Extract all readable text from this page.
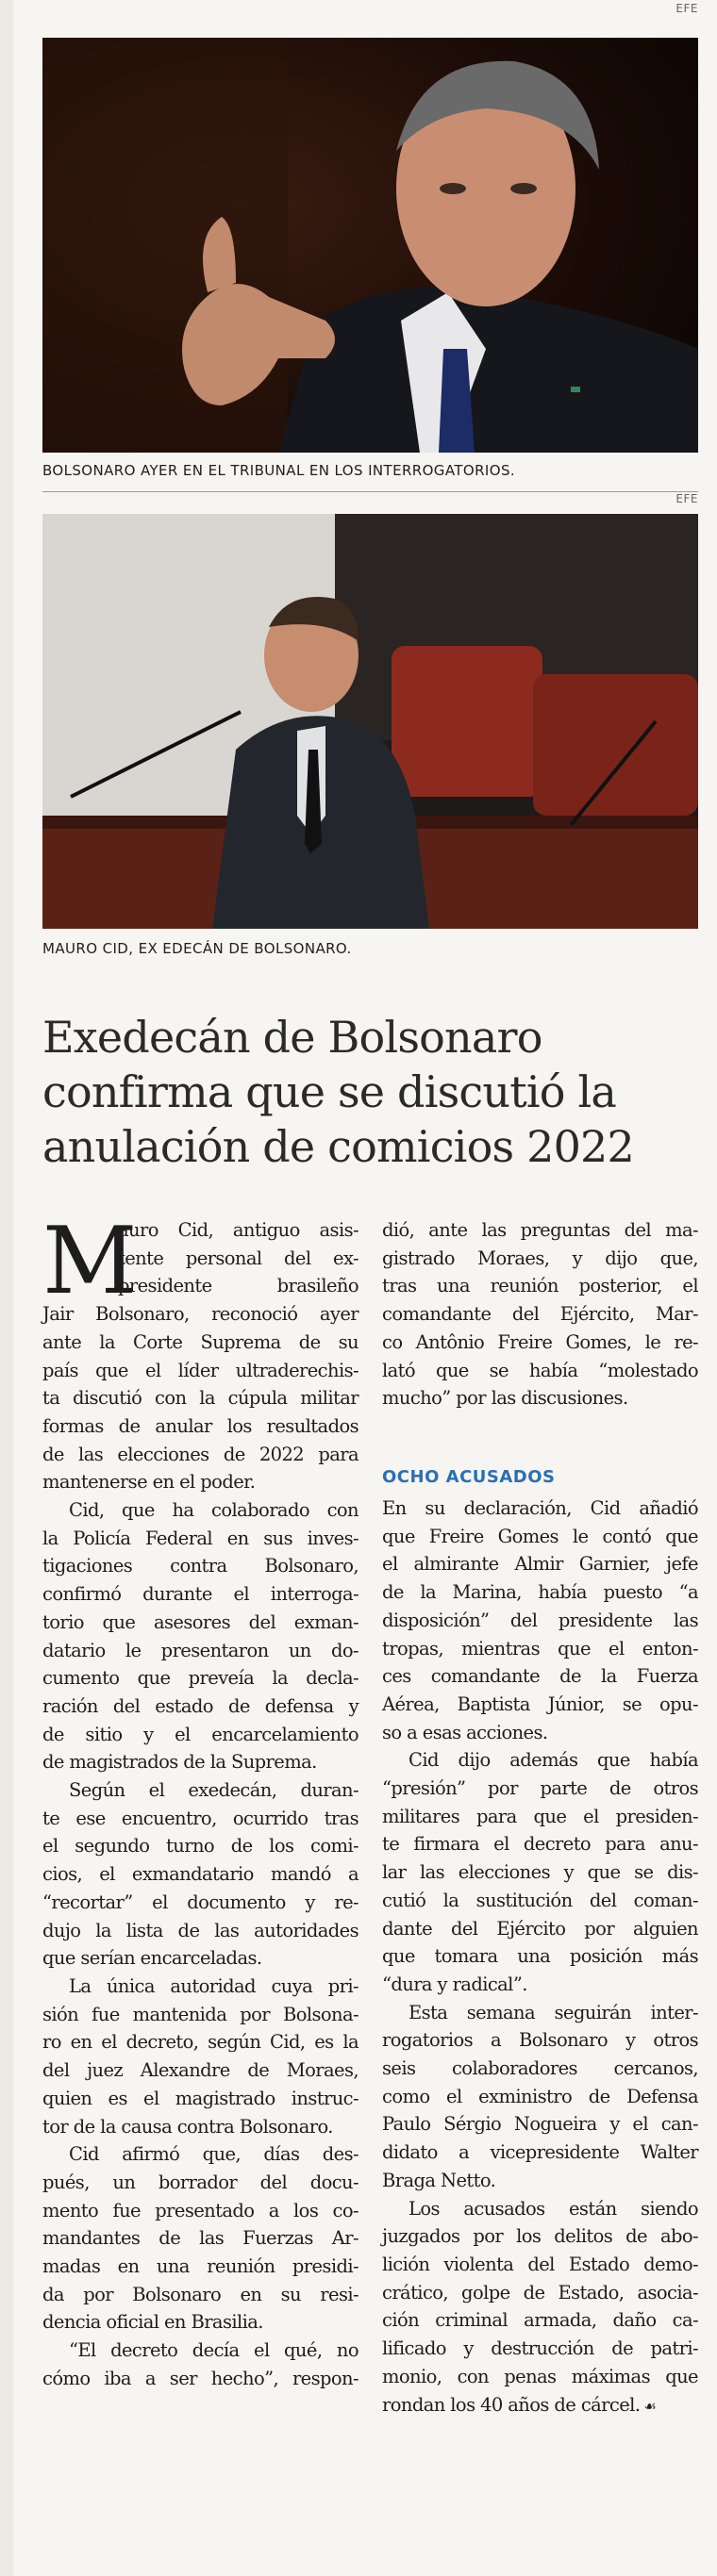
EFE
BOLSONARO AYER EN EL TRIBUNAL EN LOS INTERROGATORIOS.
EFE
MAURO CID, EX EDECÁN DE BOLSONARO.
Exedecán de Bolsonaro
confirma que se discutió la
anulación de comicios 2022
M
auro Cid, antiguo asis-
tente personal del ex-
presidente brasileño
Jair Bolsonaro, reconoció ayer
ante la Corte Suprema de su
país que el líder ultraderechis-
ta discutió con la cúpula militar
formas de anular los resultados
de las elecciones de 2022 para
mantenerse en el poder.
Cid, que ha colaborado con
la Policía Federal en sus inves-
tigaciones contra Bolsonaro,
confirmó durante el interroga-
torio que asesores del exman-
datario le presentaron un do-
cumento que preveía la decla-
ración del estado de defensa y
de sitio y el encarcelamiento
de magistrados de la Suprema.
Según el exedecán, duran-
te ese encuentro, ocurrido tras
el segundo turno de los comi-
cios, el exmandatario mandó a
“recortar” el documento y re-
dujo la lista de las autoridades
que serían encarceladas.
La única autoridad cuya pri-
sión fue mantenida por Bolsona-
ro en el decreto, según Cid, es la
del juez Alexandre de Moraes,
quien es el magistrado instruc-
tor de la causa contra Bolsonaro.
Cid afirmó que, días des-
pués, un borrador del docu-
mento fue presentado a los co-
mandantes de las Fuerzas Ar-
madas en una reunión presidi-
da por Bolsonaro en su resi-
dencia oficial en Brasilia.
“El decreto decía el qué, no
cómo iba a ser hecho”, respon-
dió, ante las preguntas del ma-
gistrado Moraes, y dijo que,
tras una reunión posterior, el
comandante del Ejército, Mar-
co Antônio Freire Gomes, le re-
lató que se había “molestado
mucho” por las discusiones.
OCHO ACUSADOS
En su declaración, Cid añadió
que Freire Gomes le contó que
el almirante Almir Garnier, jefe
de la Marina, había puesto “a
disposición” del presidente las
tropas, mientras que el enton-
ces comandante de la Fuerza
Aérea, Baptista Júnior, se opu-
so a esas acciones.
Cid dijo además que había
“presión” por parte de otros
militares para que el presiden-
te firmara el decreto para anu-
lar las elecciones y que se dis-
cutió la sustitución del coman-
dante del Ejército por alguien
que tomara una posición más
“dura y radical”.
Esta semana seguirán inter-
rogatorios a Bolsonaro y otros
seis colaboradores cercanos,
como el exministro de Defensa
Paulo Sérgio Nogueira y el can-
didato a vicepresidente Walter
Braga Netto.
Los acusados están siendo
juzgados por los delitos de abo-
lición violenta del Estado demo-
crático, golpe de Estado, asocia-
ción criminal armada, daño ca-
lificado y destrucción de patri-
monio, con penas máximas que
rondan los 40 años de cárcel. ☙
